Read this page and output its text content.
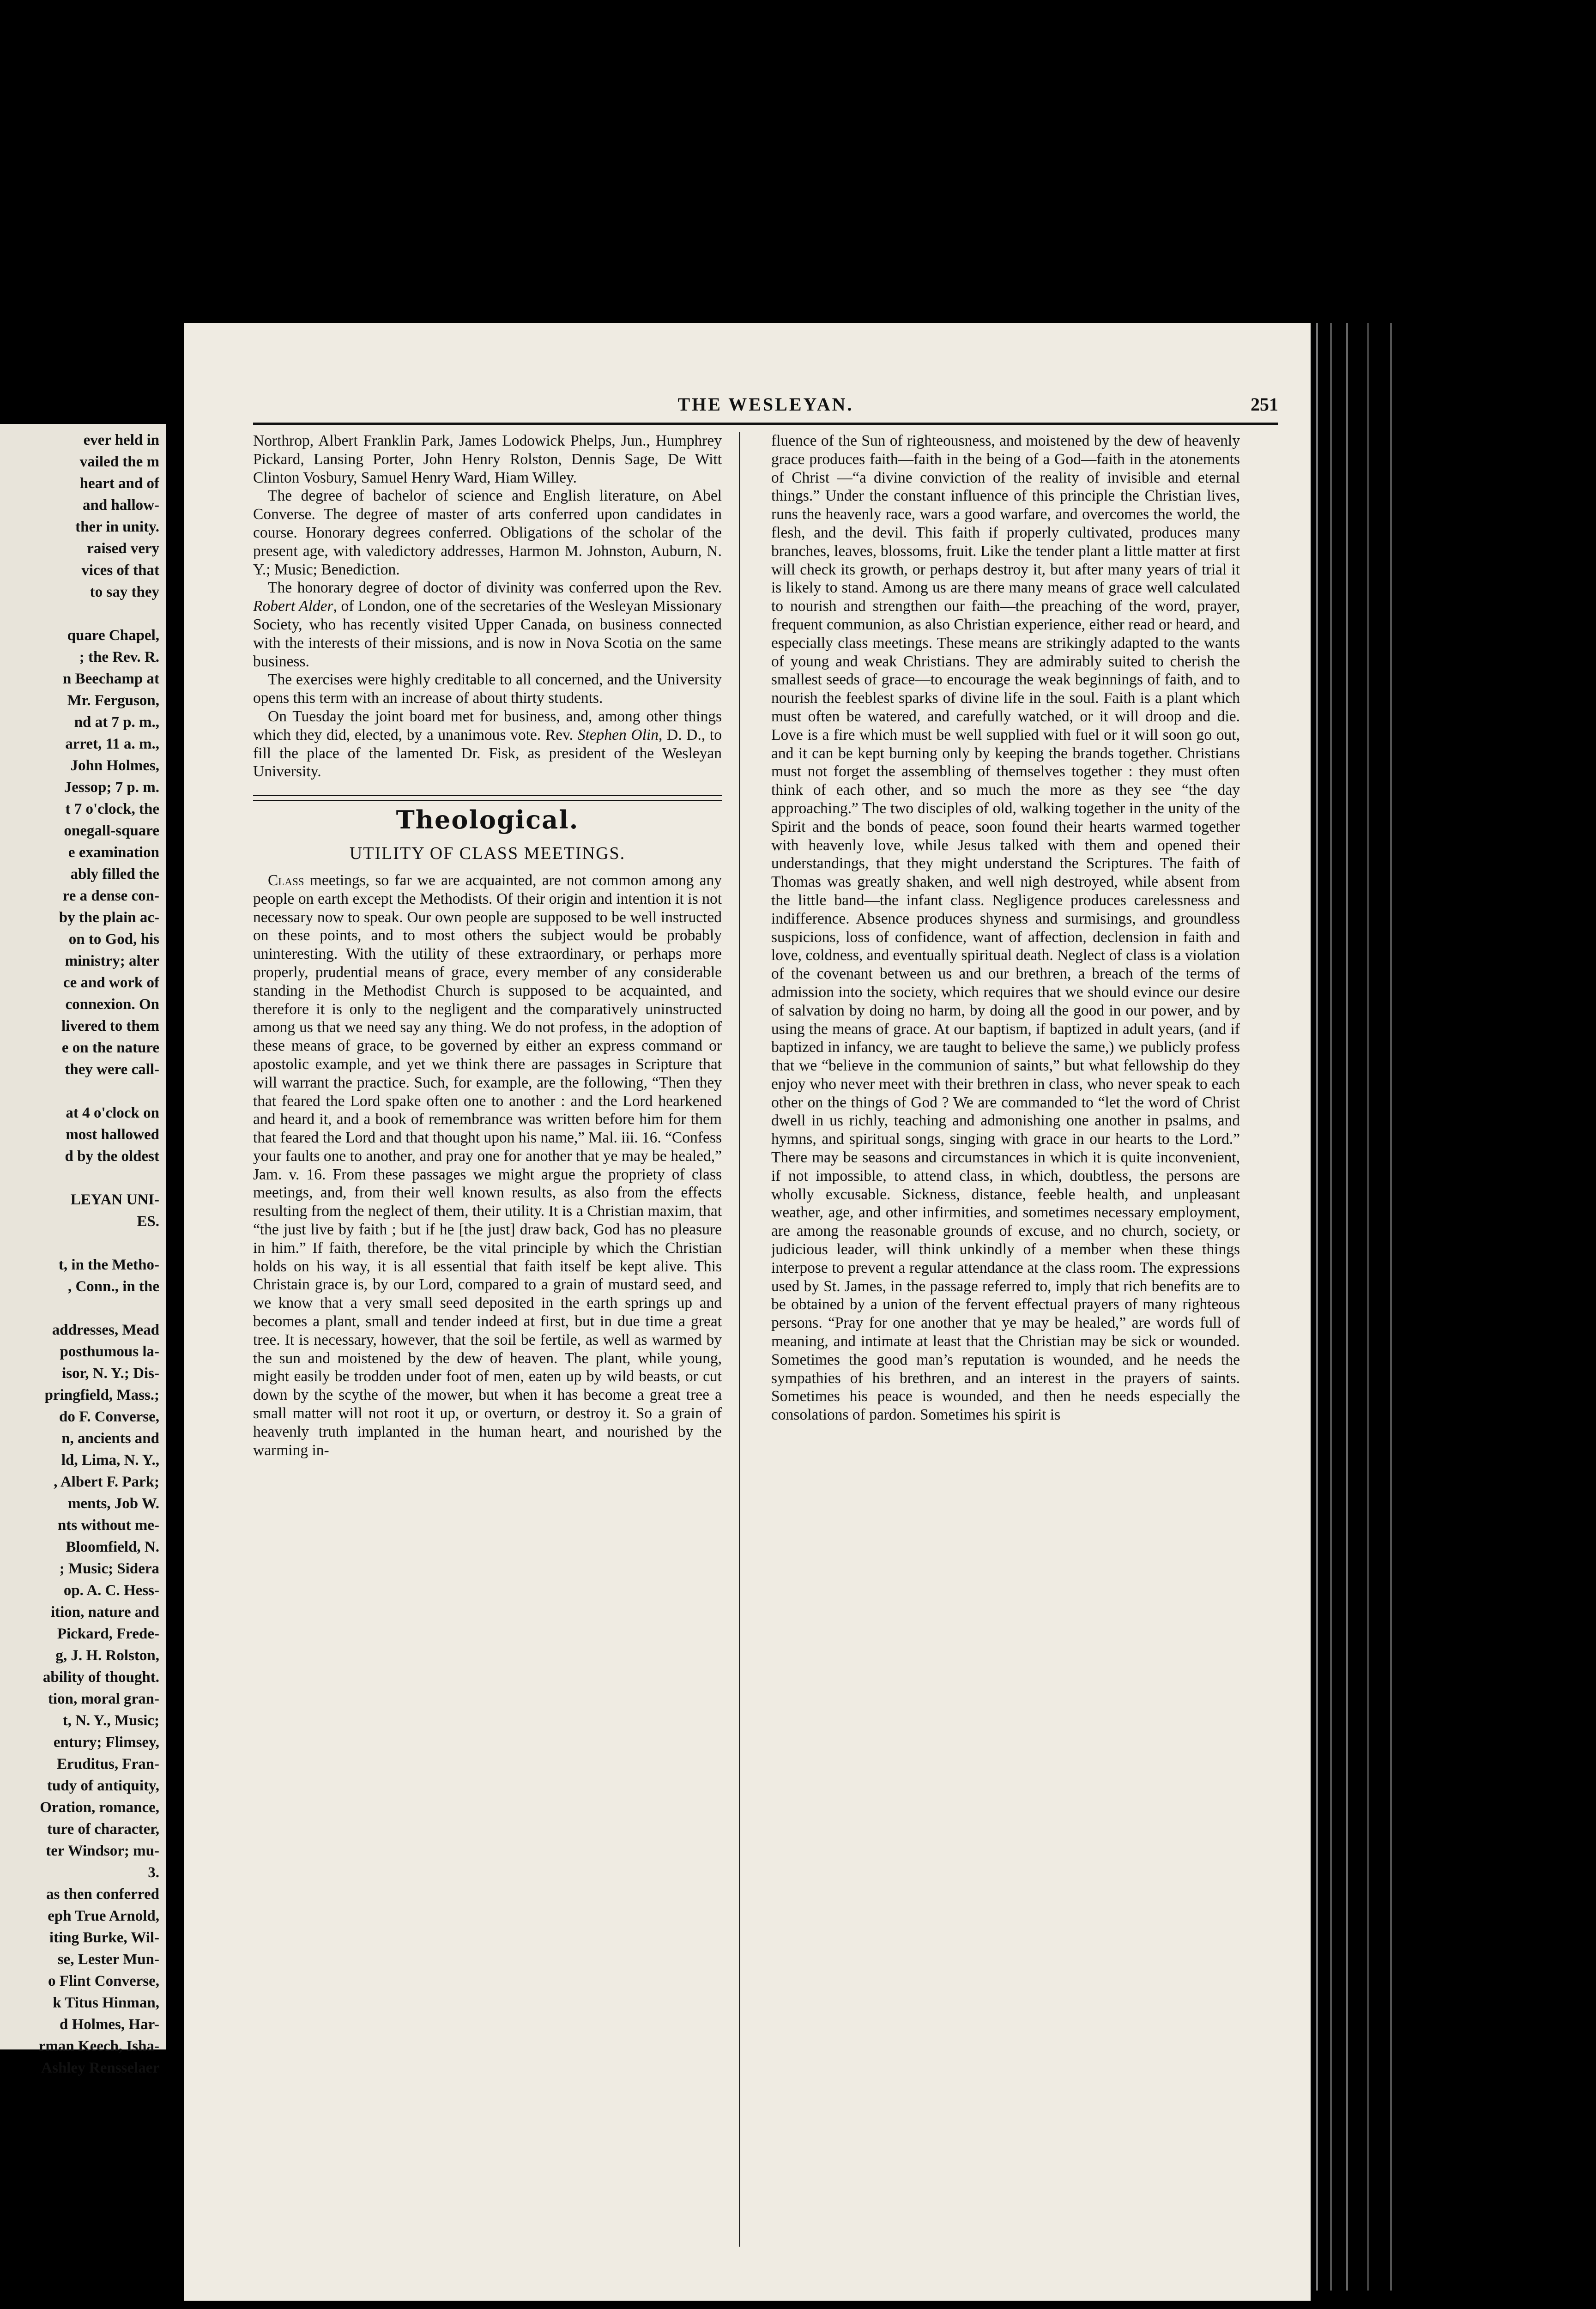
ever held in
vailed the m
heart and of
and hallow-
ther in unity.
raised very
vices of that
to say they
quare Chapel,
; the Rev. R.
n Beechamp at
Mr. Ferguson,
nd at 7 p. m.,
arret, 11 a. m.,
John Holmes,
Jessop; 7 p. m.
t 7 o'clock, the
onegall-square
e examination
ably filled the
re a dense con-
by the plain ac-
on to God, his
ministry; alter
ce and work of
connexion. On
livered to them
e on the nature
they were call-
at 4 o'clock on
most hallowed
d by the oldest
LEYAN UNI-
ES.
t, in the Metho-
, Conn., in the
addresses, Mead
posthumous la-
isor, N. Y.; Dis-
pringfield, Mass.;
do F. Converse,
n, ancients and
ld, Lima, N. Y.,
, Albert F. Park;
ments, Job W.
nts without me-
Bloomfield, N.
; Music; Sidera
op. A. C. Hess-
ition, nature and
Pickard, Frede-
g, J. H. Rolston,
ability of thought.
tion, moral gran-
t, N. Y., Music;
entury; Flimsey,
Eruditus, Fran-
tudy of antiquity,
Oration, romance,
ture of character,
ter Windsor; mu-
3.
as then conferred
eph True Arnold,
iting Burke, Wil-
se, Lester Mun-
o Flint Converse,
k Titus Hinman,
d Holmes, Har-
rman Keech, Isha-
Ashley Rensselaer
THE WESLEYAN.	251

Northrop, Albert Franklin Park, James Lodowick Phelps, Jun., Humphrey Pickard, Lansing Porter, John Henry Rolston, Dennis Sage, De Witt Clinton Vosbury, Samuel Henry Ward, Hiam Willey.

The degree of bachelor of science and English literature, on Abel Converse. The degree of master of arts conferred upon candidates in course. Honorary degrees conferred. Obligations of the scholar of the present age, with valedictory addresses, Harmon M. Johnston, Auburn, N. Y.; Music; Benediction.

The honorary degree of doctor of divinity was conferred upon the Rev. Robert Alder, of London, one of the secretaries of the Wesleyan Missionary Society, who has recently visited Upper Canada, on business connected with the interests of their missions, and is now in Nova Scotia on the same business.

The exercises were highly creditable to all concerned, and the University opens this term with an increase of about thirty students.

On Tuesday the joint board met for business, and, among other things which they did, elected, by a unanimous vote. Rev. Stephen Olin, D. D., to fill the place of the lamented Dr. Fisk, as president of the Wesleyan University.

Theological.
UTILITY OF CLASS MEETINGS.

Class meetings, so far we are acquainted, are not common among any people on earth except the Methodists. Of their origin and intention it is not necessary now to speak. Our own people are supposed to be well instructed on these points, and to most others the subject would be probably uninteresting. With the utility of these extraordinary, or perhaps more properly, prudential means of grace, every member of any considerable standing in the Methodist Church is supposed to be acquainted, and therefore it is only to the negligent and the comparatively uninstructed among us that we need say any thing. We do not profess, in the adoption of these means of grace, to be governed by either an express command or apostolic example, and yet we think there are passages in Scripture that will warrant the practice. Such, for example, are the following, “Then they that feared the Lord spake often one to another : and the Lord hearkened and heard it, and a book of remembrance was written before him for them that feared the Lord and that thought upon his name,” Mal. iii. 16. “Confess your faults one to another, and pray one for another that ye may be healed,” Jam. v. 16. From these passages we might argue the propriety of class meetings, and, from their well known results, as also from the effects resulting from the neglect of them, their utility. It is a Christian maxim, that “the just live by faith ; but if he [the just] draw back, God has no pleasure in him.” If faith, therefore, be the vital principle by which the Christian holds on his way, it is all essential that faith itself be kept alive. This Christain grace is, by our Lord, compared to a grain of mustard seed, and we know that a very small seed deposited in the earth springs up and becomes a plant, small and tender indeed at first, but in due time a great tree. It is necessary, however, that the soil be fertile, as well as warmed by the sun and moistened by the dew of heaven. The plant, while young, might easily be trodden under foot of men, eaten up by wild beasts, or cut down by the scythe of the mower, but when it has become a great tree a small matter will not root it up, or overturn, or destroy it. So a grain of heavenly truth implanted in the human heart, and nourished by the warming in-

fluence of the Sun of righteousness, and moistened by the dew of heavenly grace produces faith—faith in the being of a God—faith in the atonements of Christ —“a divine conviction of the reality of invisible and eternal things.” Under the constant influence of this principle the Christian lives, runs the heavenly race, wars a good warfare, and overcomes the world, the flesh, and the devil. This faith if properly cultivated, produces many branches, leaves, blossoms, fruit. Like the tender plant a little matter at first will check its growth, or perhaps destroy it, but after many years of trial it is likely to stand. Among us are there many means of grace well calculated to nourish and strengthen our faith—the preaching of the word, prayer, frequent communion, as also Christian experience, either read or heard, and especially class meetings. These means are strikingly adapted to the wants of young and weak Christians. They are admirably suited to cherish the smallest seeds of grace—to encourage the weak beginnings of faith, and to nourish the feeblest sparks of divine life in the soul. Faith is a plant which must often be watered, and carefully watched, or it will droop and die. Love is a fire which must be well supplied with fuel or it will soon go out, and it can be kept burning only by keeping the brands together. Christians must not forget the assembling of themselves together : they must often think of each other, and so much the more as they see “the day approaching.” The two disciples of old, walking together in the unity of the Spirit and the bonds of peace, soon found their hearts warmed together with heavenly love, while Jesus talked with them and opened their understandings, that they might understand the Scriptures. The faith of Thomas was greatly shaken, and well nigh destroyed, while absent from the little band—the infant class. Negligence produces carelessness and indifference. Absence produces shyness and surmisings, and groundless suspicions, loss of confidence, want of affection, declension in faith and love, coldness, and eventually spiritual death. Neglect of class is a violation of the covenant between us and our brethren, a breach of the terms of admission into the society, which requires that we should evince our desire of salvation by doing no harm, by doing all the good in our power, and by using the means of grace. At our baptism, if baptized in adult years, (and if baptized in infancy, we are taught to believe the same,) we publicly profess that we “believe in the communion of saints,” but what fellowship do they enjoy who never meet with their brethren in class, who never speak to each other on the things of God ? We are commanded to “let the word of Christ dwell in us richly, teaching and admonishing one another in psalms, and hymns, and spiritual songs, singing with grace in our hearts to the Lord.” There may be seasons and circumstances in which it is quite inconvenient, if not impossible, to attend class, in which, doubtless, the persons are wholly excusable. Sickness, distance, feeble health, and unpleasant weather, age, and other infirmities, and sometimes necessary employment, are among the reasonable grounds of excuse, and no church, society, or judicious leader, will think unkindly of a member when these things interpose to prevent a regular attendance at the class room. The expressions used by St. James, in the passage referred to, imply that rich benefits are to be obtained by a union of the fervent effectual prayers of many righteous persons. “Pray for one another that ye may be healed,” are words full of meaning, and intimate at least that the Christian may be sick or wounded. Sometimes the good man’s reputation is wounded, and he needs the sympathies of his brethren, and an interest in the prayers of saints. Sometimes his peace is wounded, and then he needs especially the consolations of pardon. Sometimes his spirit is
